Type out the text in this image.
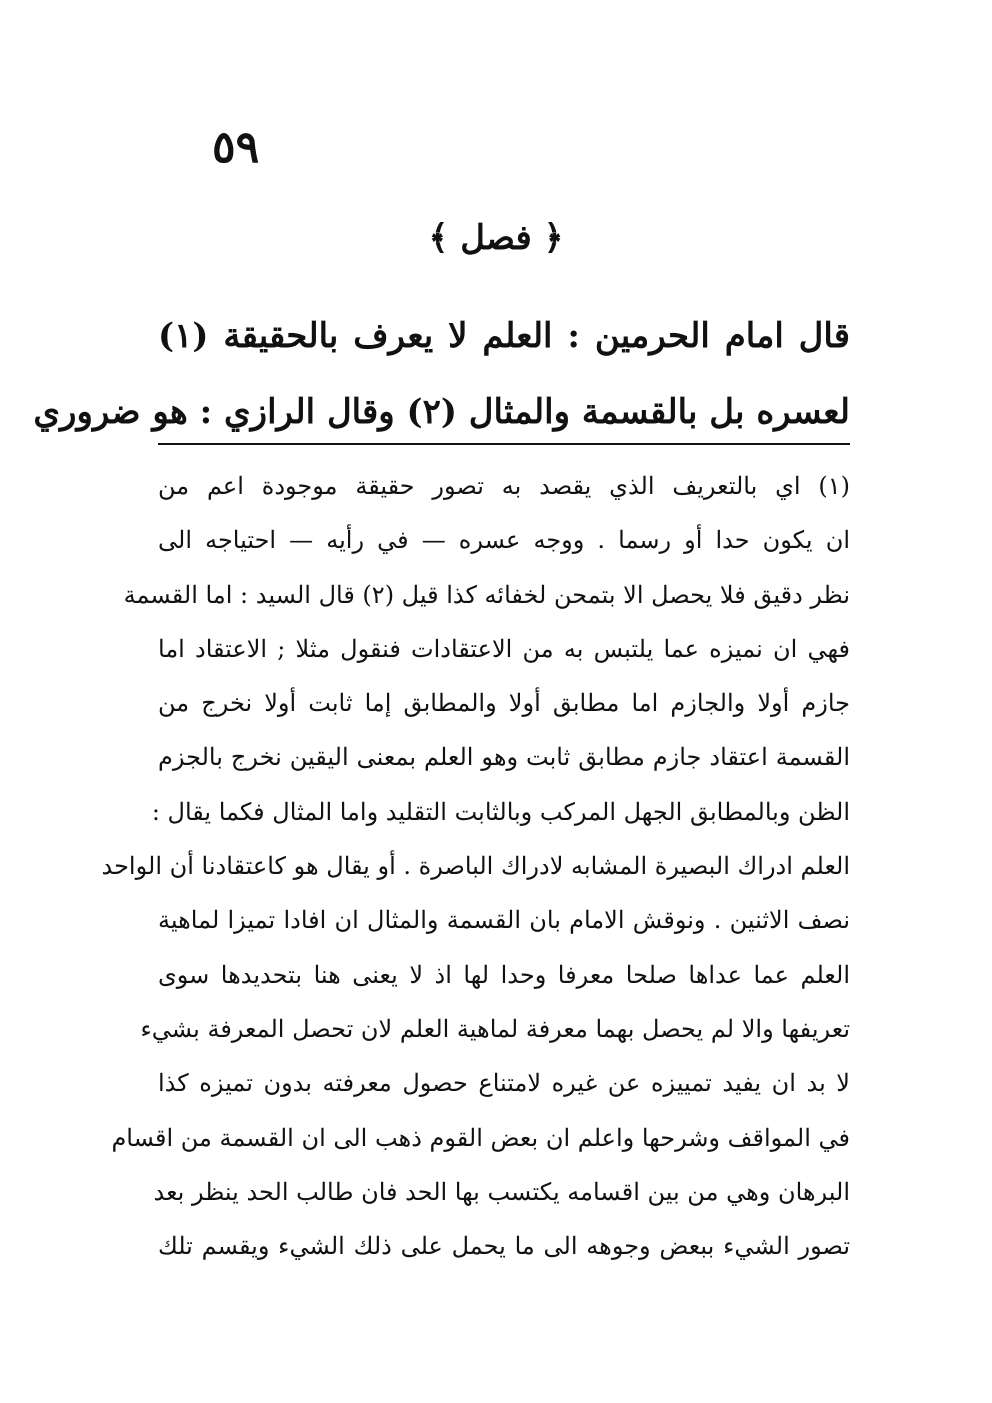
٥٩
﴿ فصل ﴾
قال امام الحرمين : العلم لا يعرف بالحقيقة (١)
لعسره بل بالقسمة والمثال (٢) وقال الرازي : هو ضروري
(١) اي بالتعريف الذي يقصد به تصور حقيقة موجودة اعم من
ان يكون حدا أو رسما . ووجه عسره — في رأيه — احتياجه الى
نظر دقيق فلا يحصل الا بتمحن لخفائه كذا قيل (٢) قال السيد : اما القسمة
فهي ان نميزه عما يلتبس به من الاعتقادات فنقول مثلا ; الاعتقاد اما
جازم أولا والجازم اما مطابق أولا والمطابق إما ثابت أولا نخرج من
القسمة اعتقاد جازم مطابق ثابت وهو العلم بمعنى اليقين نخرج بالجزم
الظن وبالمطابق الجهل المركب وبالثابت التقليد واما المثال فكما يقال :
العلم ادراك البصيرة المشابه لادراك الباصرة . أو يقال هو كاعتقادنا أن الواحد
نصف الاثنين . ونوقش الامام بان القسمة والمثال ان افادا تميزا لماهية
العلم عما عداها صلحا معرفا وحدا لها اذ لا يعنى هنا بتحديدها سوى
تعريفها والا لم يحصل بهما معرفة لماهية العلم لان تحصل المعرفة بشيء
لا بد ان يفيد تمييزه عن غيره لامتناع حصول معرفته بدون تميزه كذا
في المواقف وشرحها واعلم ان بعض القوم ذهب الى ان القسمة من اقسام
البرهان وهي من بين اقسامه يكتسب بها الحد فان طالب الحد ينظر بعد
تصور الشيء ببعض وجوهه الى ما يحمل على ذلك الشيء ويقسم تلك
